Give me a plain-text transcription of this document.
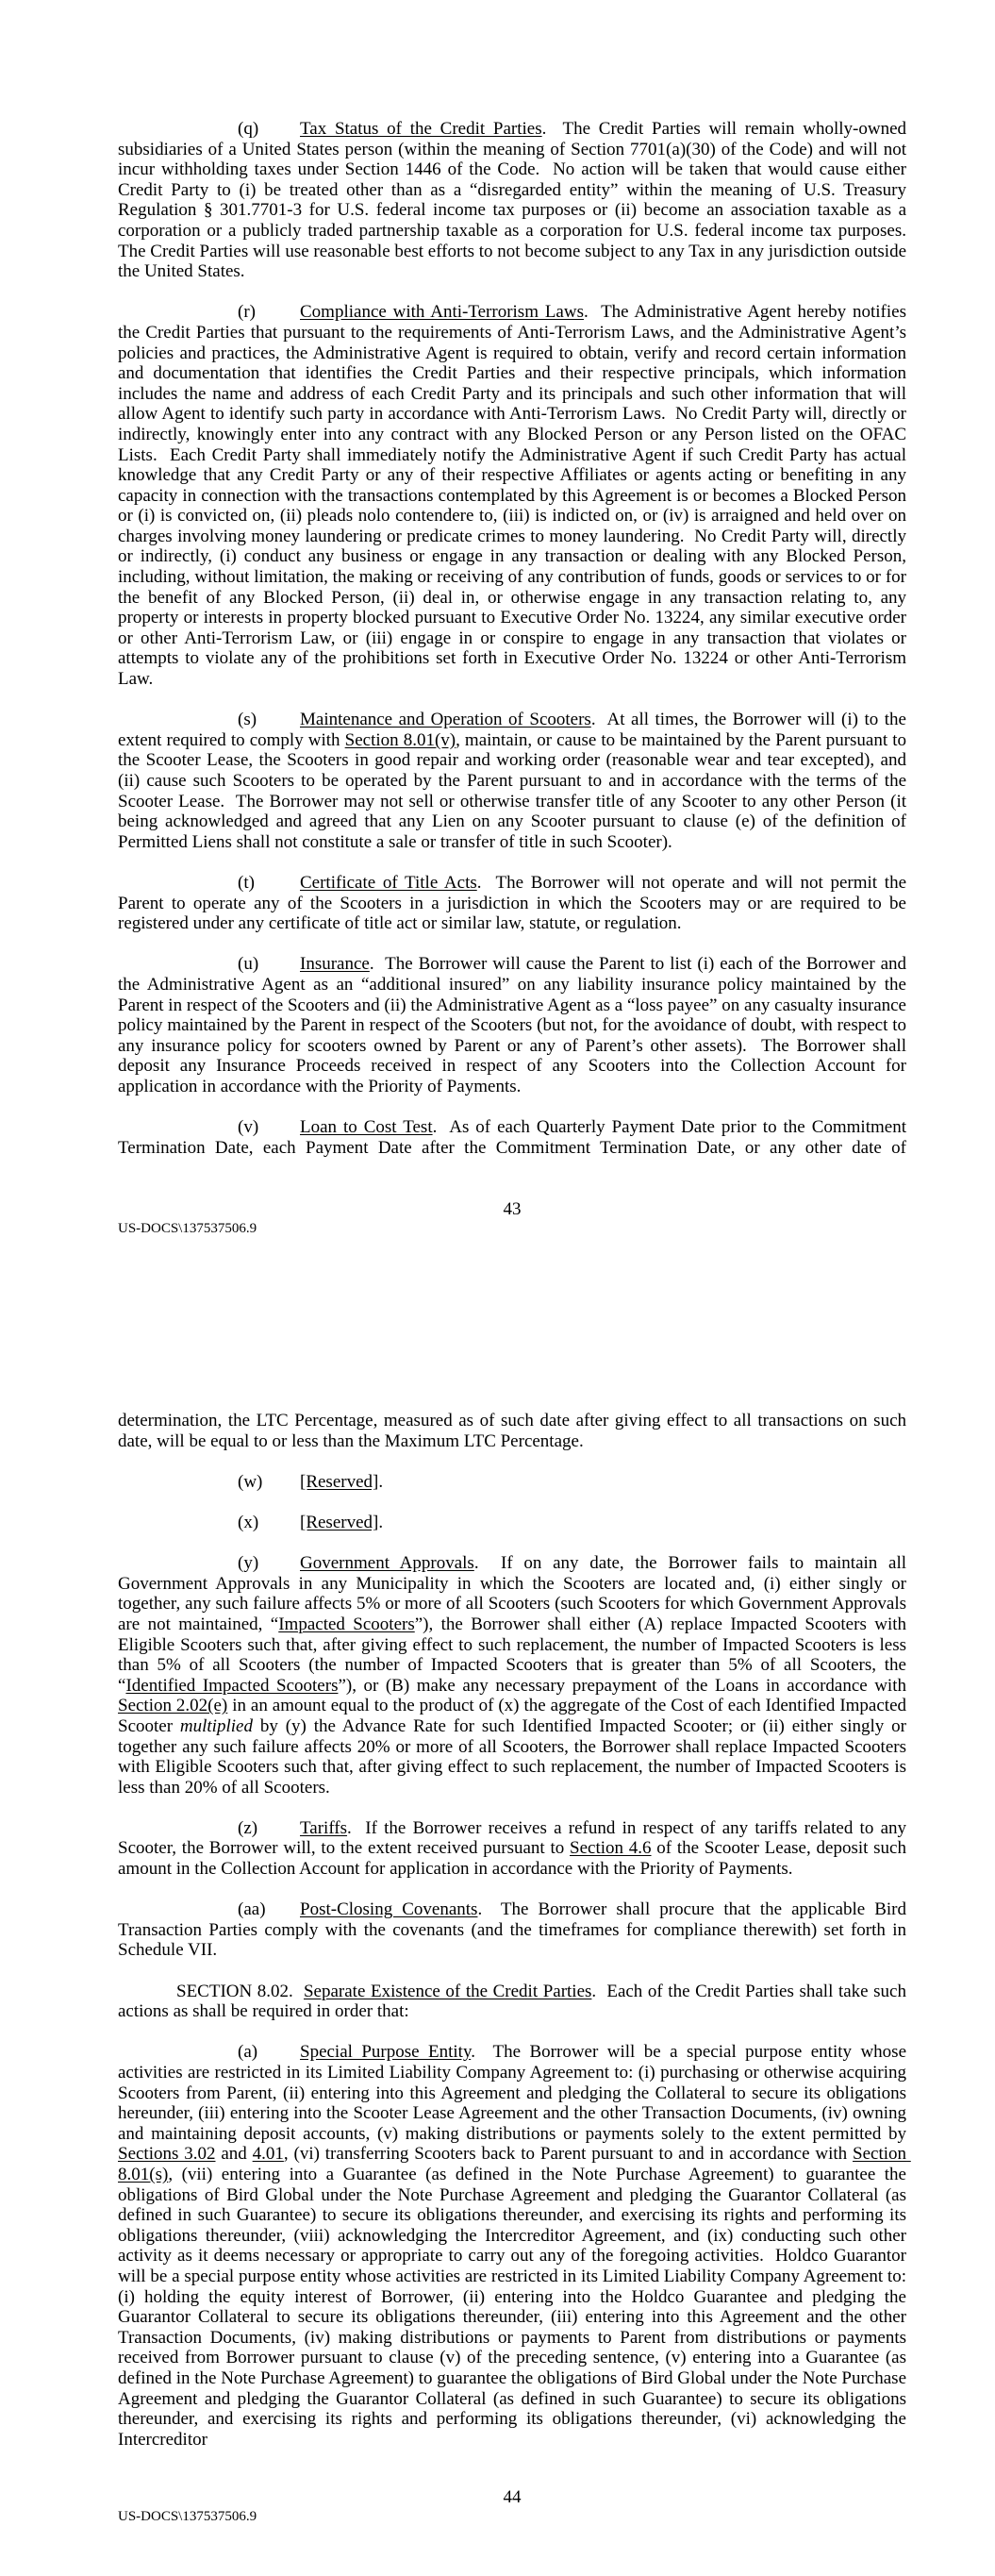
(q) Tax Status of the Credit Parties.  The Credit Parties will remain wholly-owned subsidiaries of a United States person (within the meaning of Section 7701(a)(30) of the Code) and will not incur withholding taxes under Section 1446 of the Code.  No action will be taken that would cause either Credit Party to (i) be treated other than as a “disregarded entity” within the meaning of U.S. Treasury Regulation § 301.7701-3 for U.S. federal income tax purposes or (ii) become an association taxable as a corporation or a publicly traded partnership taxable as a corporation for U.S. federal income tax purposes.  The Credit Parties will use reasonable best efforts to not become subject to any Tax in any jurisdiction outside the United States.

(r) Compliance with Anti-Terrorism Laws.  The Administrative Agent hereby notifies the Credit Parties that pursuant to the requirements of Anti-Terrorism Laws, and the Administrative Agent’s policies and practices, the Administrative Agent is required to obtain, verify and record certain information and documentation that identifies the Credit Parties and their respective principals, which information includes the name and address of each Credit Party and its principals and such other information that will allow Agent to identify such party in accordance with Anti-Terrorism Laws.  No Credit Party will, directly or indirectly, knowingly enter into any contract with any Blocked Person or any Person listed on the OFAC Lists.  Each Credit Party shall immediately notify the Administrative Agent if such Credit Party has actual knowledge that any Credit Party or any of their respective Affiliates or agents acting or benefiting in any capacity in connection with the transactions contemplated by this Agreement is or becomes a Blocked Person or (i) is convicted on, (ii) pleads nolo contendere to, (iii) is indicted on, or (iv) is arraigned and held over on charges involving money laundering or predicate crimes to money laundering.  No Credit Party will, directly or indirectly, (i) conduct any business or engage in any transaction or dealing with any Blocked Person, including, without limitation, the making or receiving of any contribution of funds, goods or services to or for the benefit of any Blocked Person, (ii) deal in, or otherwise engage in any transaction relating to, any property or interests in property blocked pursuant to Executive Order No. 13224, any similar executive order or other Anti-Terrorism Law, or (iii) engage in or conspire to engage in any transaction that violates or attempts to violate any of the prohibitions set forth in Executive Order No. 13224 or other Anti-Terrorism Law.

(s) Maintenance and Operation of Scooters.  At all times, the Borrower will (i) to the extent required to comply with Section 8.01(v), maintain, or cause to be maintained by the Parent pursuant to the Scooter Lease, the Scooters in good repair and working order (reasonable wear and tear excepted), and (ii) cause such Scooters to be operated by the Parent pursuant to and in accordance with the terms of the Scooter Lease.  The Borrower may not sell or otherwise transfer title of any Scooter to any other Person (it being acknowledged and agreed that any Lien on any Scooter pursuant to clause (e) of the definition of Permitted Liens shall not constitute a sale or transfer of title in such Scooter).

(t)	Certificate of Title Acts.  The Borrower will not operate and will not permit the Parent to operate any of the Scooters in a jurisdiction in which the Scooters may or are required to be registered under any certificate of title act or similar law, statute, or regulation.

(u) Insurance.  The Borrower will cause the Parent to list (i) each of the Borrower and the Administrative Agent as an “additional insured” on any liability insurance policy maintained by the Parent in respect of the Scooters and (ii) the Administrative Agent as a “loss payee” on any casualty insurance policy maintained by the Parent in respect of the Scooters (but not, for the avoidance of doubt, with respect to any insurance policy for scooters owned by Parent or any of Parent’s other assets).  The Borrower shall deposit any Insurance Proceeds received in respect of any Scooters into the Collection Account for application in accordance with the Priority of Payments.

(v) Loan to Cost Test.  As of each Quarterly Payment Date prior to the Commitment Termination Date, each Payment Date after the Commitment Termination Date, or any other date of

43
US-DOCS\137537506.9

determination, the LTC Percentage, measured as of such date after giving effect to all transactions on such date, will be equal to or less than the Maximum LTC Percentage.

(w) [Reserved].

(x) [Reserved].

(y) Government Approvals.  If on any date, the Borrower fails to maintain all Government Approvals in any Municipality in which the Scooters are located and, (i) either singly or together, any such failure affects 5% or more of all Scooters (such Scooters for which Government Approvals are not maintained, “Impacted Scooters”), the Borrower shall either (A) replace Impacted Scooters with Eligible Scooters such that, after giving effect to such replacement, the number of Impacted Scooters is less than 5% of all Scooters (the number of Impacted Scooters that is greater than 5% of all Scooters, the “Identified Impacted Scooters”), or (B) make any necessary prepayment of the Loans in accordance with Section 2.02(e) in an amount equal to the product of (x) the aggregate of the Cost of each Identified Impacted Scooter multiplied by (y) the Advance Rate for such Identified Impacted Scooter; or (ii) either singly or together any such failure affects 20% or more of all Scooters, the Borrower shall replace Impacted Scooters with Eligible Scooters such that, after giving effect to such replacement, the number of Impacted Scooters is less than 20% of all Scooters.

(z) Tariffs.  If the Borrower receives a refund in respect of any tariffs related to any Scooter, the Borrower will, to the extent received pursuant to Section 4.6 of the Scooter Lease, deposit such amount in the Collection Account for application in accordance with the Priority of Payments.

(aa) Post-Closing Covenants.  The Borrower shall procure that the applicable Bird Transaction Parties comply with the covenants (and the timeframes for compliance therewith) set forth in Schedule VII.

SECTION 8.02.  Separate Existence of the Credit Parties.  Each of the Credit Parties shall take such actions as shall be required in order that:

(a) Special Purpose Entity.  The Borrower will be a special purpose entity whose activities are restricted in its Limited Liability Company Agreement to: (i) purchasing or otherwise acquiring Scooters from Parent, (ii) entering into this Agreement and pledging the Collateral to secure its obligations hereunder, (iii) entering into the Scooter Lease Agreement and the other Transaction Documents, (iv) owning and maintaining deposit accounts, (v) making distributions or payments solely to the extent permitted by Sections 3.02 and 4.01, (vi) transferring Scooters back to Parent pursuant to and in accordance with Section 8.01(s), (vii) entering into a Guarantee (as defined in the Note Purchase Agreement) to guarantee the obligations of Bird Global under the Note Purchase Agreement and pledging the Guarantor Collateral (as defined in such Guarantee) to secure its obligations thereunder, and exercising its rights and performing its obligations thereunder, (viii) acknowledging the Intercreditor Agreement, and (ix) conducting such other activity as it deems necessary or appropriate to carry out any of the foregoing activities.  Holdco Guarantor will be a special purpose entity whose activities are restricted in its Limited Liability Company Agreement to: (i) holding the equity interest of Borrower, (ii) entering into the Holdco Guarantee and pledging the Guarantor Collateral to secure its obligations thereunder, (iii) entering into this Agreement and the other Transaction Documents, (iv) making distributions or payments to Parent from distributions or payments received from Borrower pursuant to clause (v) of the preceding sentence, (v) entering into a Guarantee (as defined in the Note Purchase Agreement) to guarantee the obligations of Bird Global under the Note Purchase Agreement and pledging the Guarantor Collateral (as defined in such Guarantee) to secure its obligations thereunder, and exercising its rights and performing its obligations thereunder, (vi) acknowledging the Intercreditor

44
US-DOCS\137537506.9
